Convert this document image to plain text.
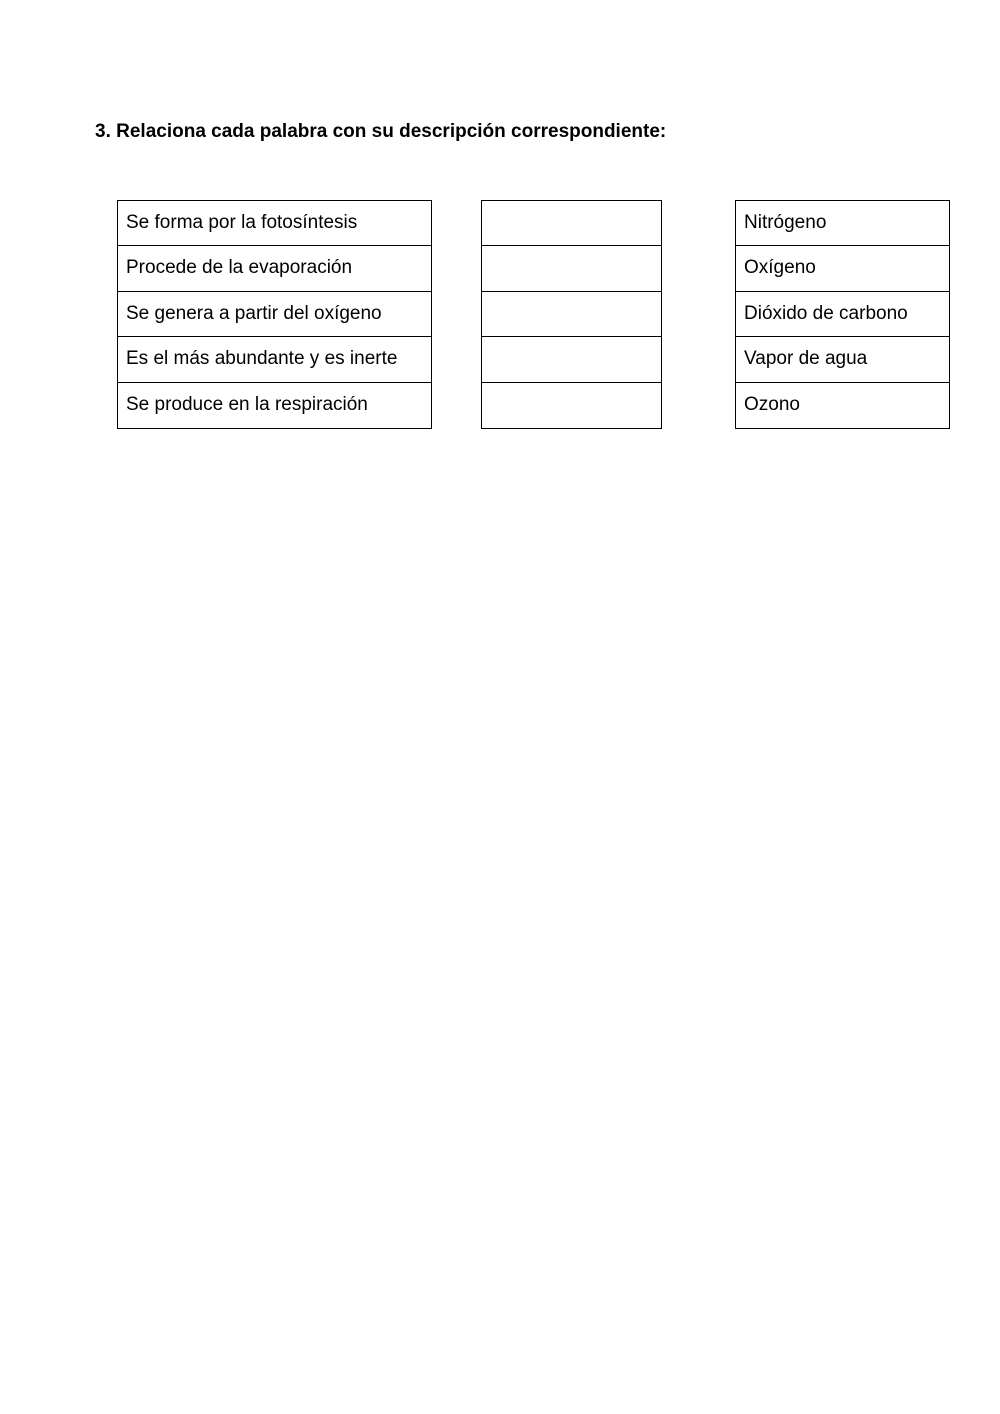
3. Relaciona cada palabra con su descripción correspondiente:
Se forma por la fotosíntesis
Procede de la evaporación
Se genera a partir del oxígeno
Es el más abundante y es inerte
Se produce en la respiración
Nitrógeno
Oxígeno
Dióxido de carbono
Vapor de agua
Ozono
